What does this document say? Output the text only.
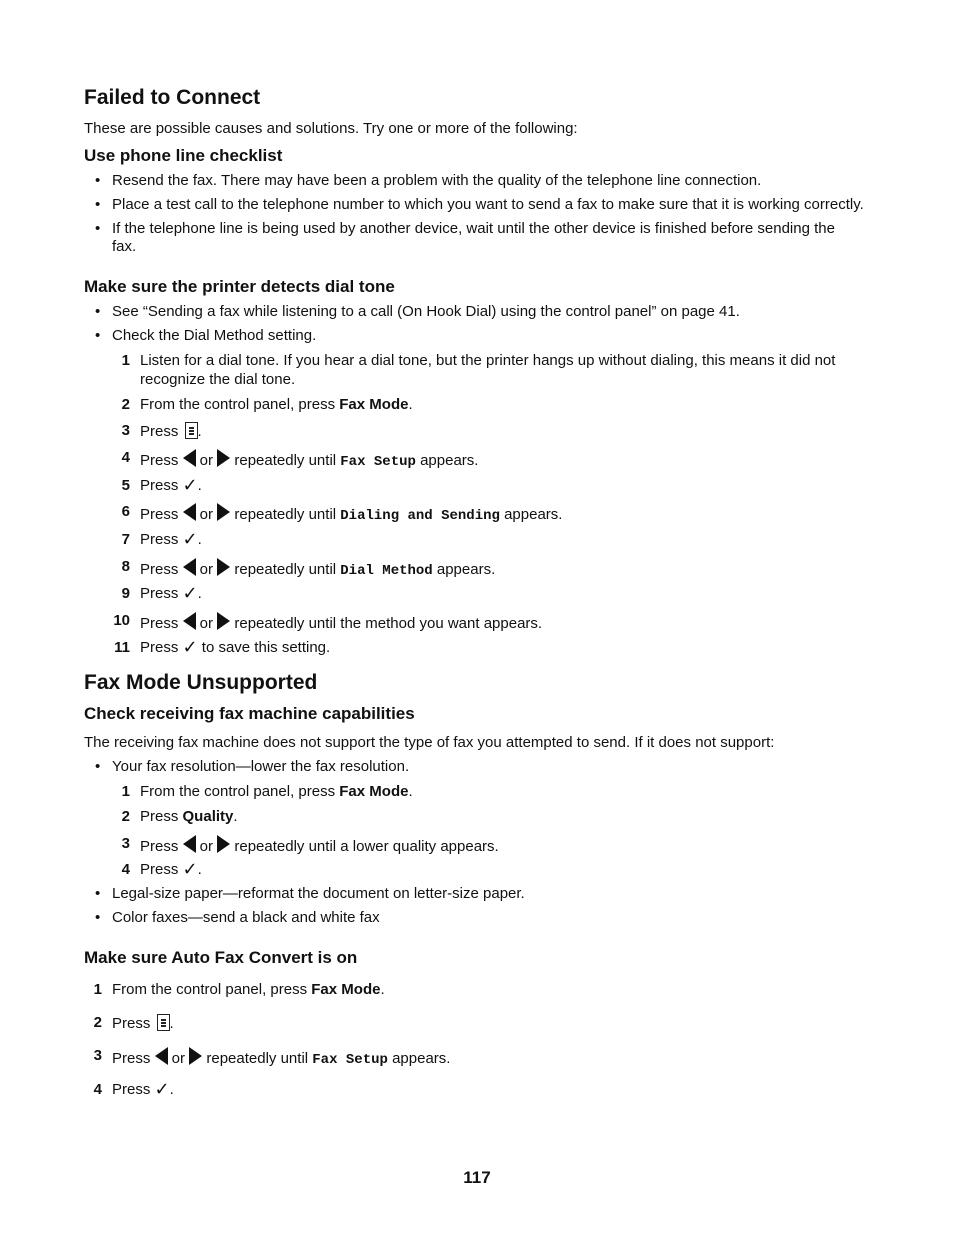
Failed to Connect
These are possible causes and solutions. Try one or more of the following:
Use phone line checklist
• Resend the fax. There may have been a problem with the quality of the telephone line connection.
• Place a test call to the telephone number to which you want to send a fax to make sure that it is working correctly.
• If the telephone line is being used by another device, wait until the other device is finished before sending the
fax.
Make sure the printer detects dial tone
• See “Sending a fax while listening to a call (On Hook Dial) using the control panel” on page 41.
• Check the Dial Method setting.
1 Listen for a dial tone. If you hear a dial tone, but the printer hangs up without dialing, this means it did not
recognize the dial tone.
2 From the control panel, press Fax Mode.
3 Press
.
4 Press  or  repeatedly until Fax Setup appears.
5 Press ✓.
6 Press  or  repeatedly until Dialing and Sending appears.
7 Press ✓.
8 Press  or  repeatedly until Dial Method appears.
9 Press ✓.
10 Press  or  repeatedly until the method you want appears.
11 Press ✓ to save this setting.
Fax Mode Unsupported
Check receiving fax machine capabilities
The receiving fax machine does not support the type of fax you attempted to send. If it does not support:
• Your fax resolution—lower the fax resolution.
1 From the control panel, press Fax Mode.
2 Press Quality.
3 Press  or  repeatedly until a lower quality appears.
4 Press ✓.
• Legal-size paper—reformat the document on letter-size paper.
• Color faxes—send a black and white fax
Make sure Auto Fax Convert is on
1 From the control panel, press Fax Mode.
2 Press
.
3 Press  or  repeatedly until Fax Setup appears.
4 Press ✓.
117
